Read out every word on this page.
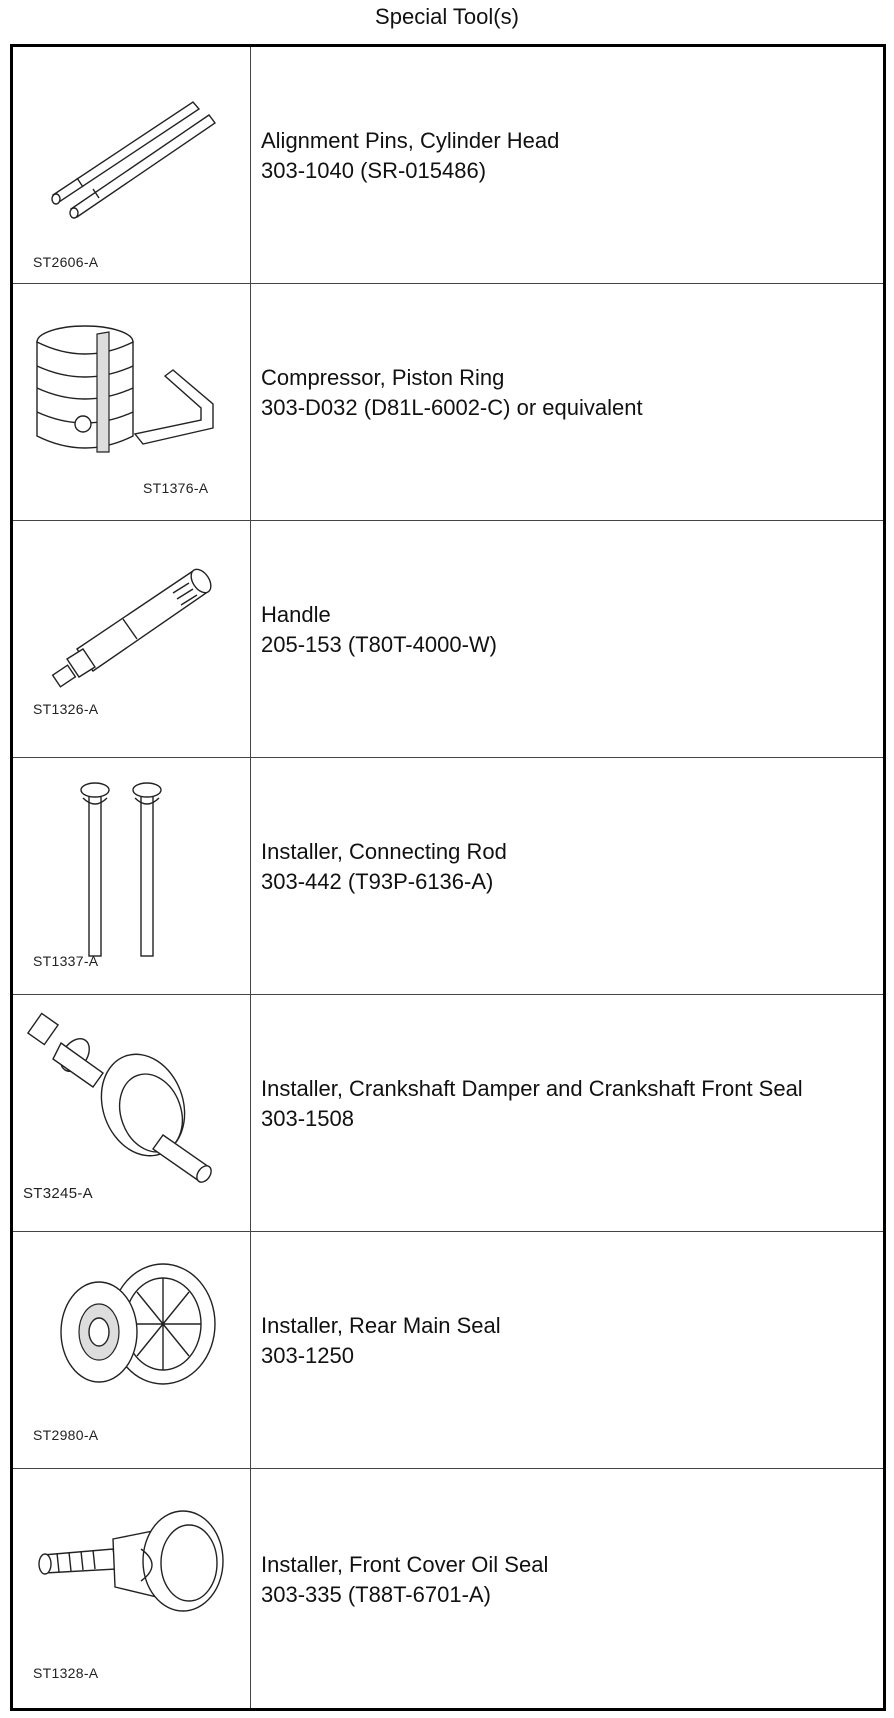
Special Tool(s)
ST2606-A
Alignment Pins, Cylinder Head
303-1040 (SR-015486)
ST1376-A
Compressor, Piston Ring
303-D032 (D81L-6002-C) or equivalent
ST1326-A
Handle
205-153 (T80T-4000-W)
ST1337-A
Installer, Connecting Rod
303-442 (T93P-6136-A)
ST3245-A
Installer, Crankshaft Damper and Crankshaft Front Seal
303-1508
ST2980-A
Installer, Rear Main Seal
303-1250
ST1328-A
Installer, Front Cover Oil Seal
303-335 (T88T-6701-A)
